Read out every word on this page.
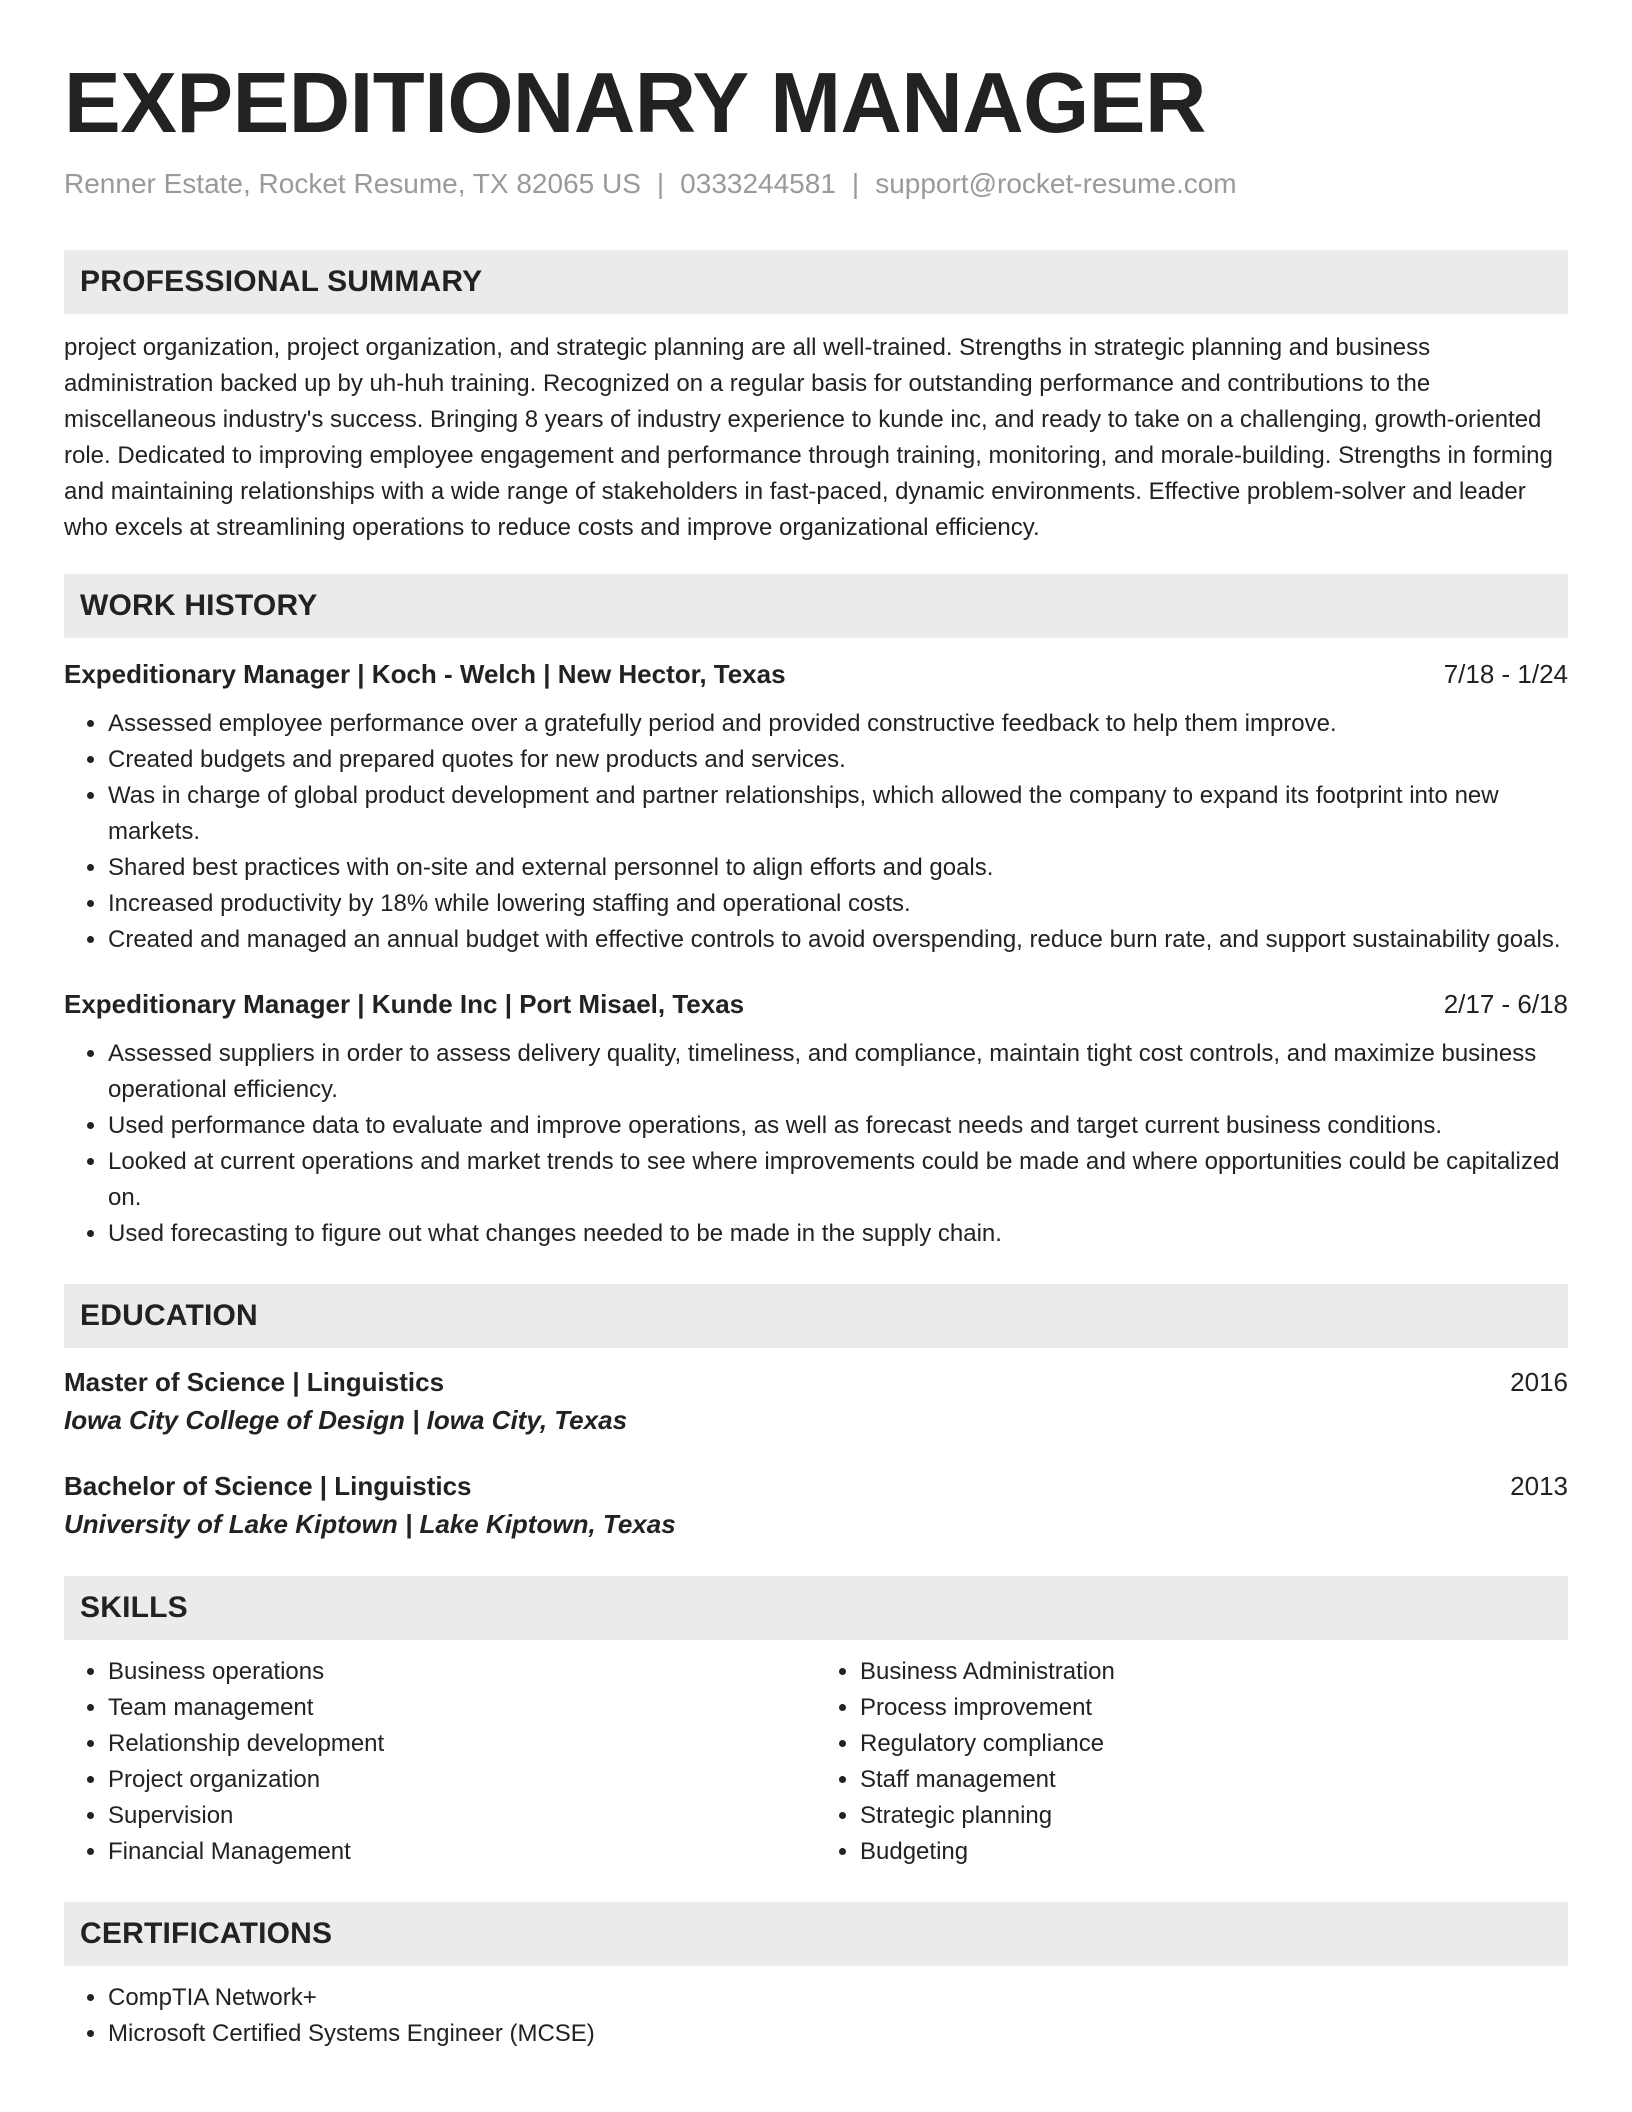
EXPEDITIONARY MANAGER
Renner Estate, Rocket Resume, TX 82065 US | 0333244581 | support@rocket-resume.com
PROFESSIONAL SUMMARY

project organization, project organization, and strategic planning are all well-trained. Strengths in strategic planning and business administration backed up by uh-huh training. Recognized on a regular basis for outstanding performance and contributions to the miscellaneous industry's success. Bringing 8 years of industry experience to kunde inc, and ready to take on a challenging, growth-oriented role. Dedicated to improving employee engagement and performance through training, monitoring, and morale-building. Strengths in forming and maintaining relationships with a wide range of stakeholders in fast-paced, dynamic environments. Effective problem-solver and leader who excels at streamlining operations to reduce costs and improve organizational efficiency.

WORK HISTORY
Expeditionary Manager | Koch - Welch | New Hector, Texas	7/18 - 1/24
• Assessed employee performance over a gratefully period and provided constructive feedback to help them improve.
• Created budgets and prepared quotes for new products and services.
• Was in charge of global product development and partner relationships, which allowed the company to expand its footprint into new markets.
• Shared best practices with on-site and external personnel to align efforts and goals.
• Increased productivity by 18% while lowering staffing and operational costs.
• Created and managed an annual budget with effective controls to avoid overspending, reduce burn rate, and support sustainability goals.
Expeditionary Manager | Kunde Inc | Port Misael, Texas	2/17 - 6/18
• Assessed suppliers in order to assess delivery quality, timeliness, and compliance, maintain tight cost controls, and maximize business operational efficiency.
• Used performance data to evaluate and improve operations, as well as forecast needs and target current business conditions.
• Looked at current operations and market trends to see where improvements could be made and where opportunities could be capitalized on.
• Used forecasting to figure out what changes needed to be made in the supply chain.
EDUCATION
Master of Science | Linguistics	2016
Iowa City College of Design | Iowa City, Texas
Bachelor of Science | Linguistics	2013
University of Lake Kiptown | Lake Kiptown, Texas
SKILLS
• Business operations
• Team management
• Relationship development
• Project organization
• Supervision
• Financial Management
• Business Administration
• Process improvement
• Regulatory compliance
• Staff management
• Strategic planning
• Budgeting
CERTIFICATIONS
• CompTIA Network+
• Microsoft Certified Systems Engineer (MCSE)
